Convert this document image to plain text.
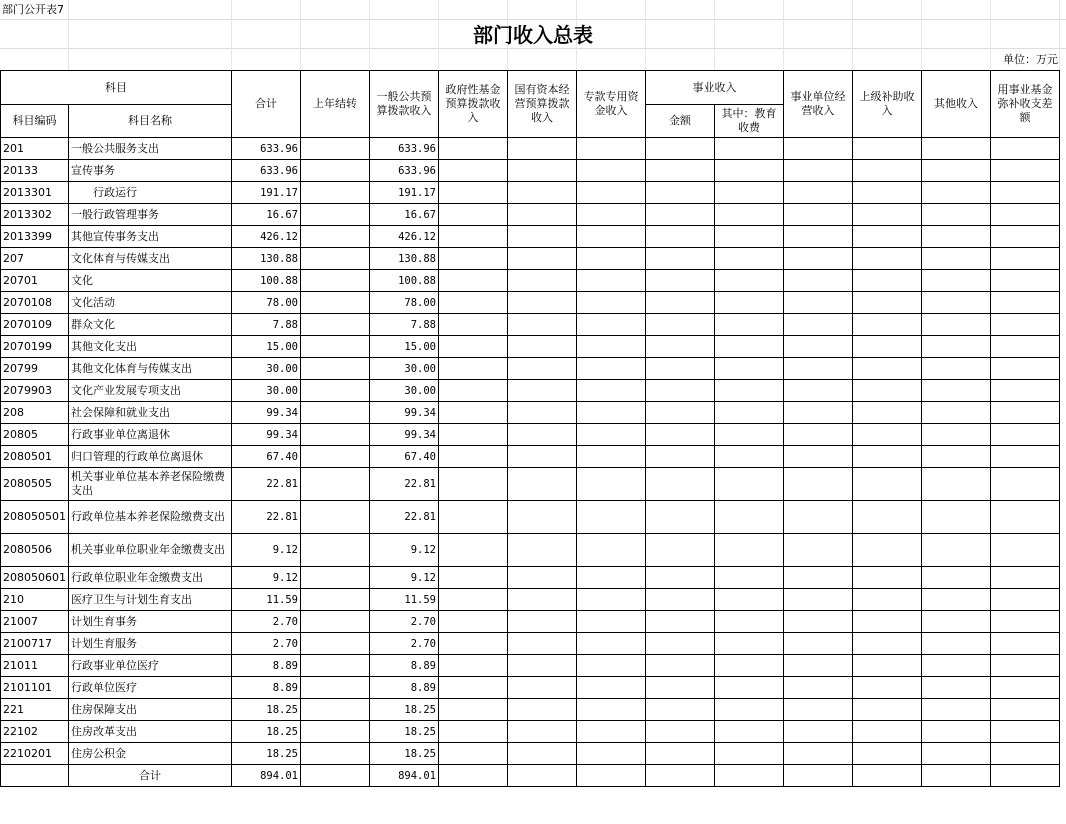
部门公开表7
部门收入总表
单位：万元
科目		合计	上年结转	一般公共预算拨款收入	政府性基金预算拨款收入	国有资本经营预算拨款收入	专款专用资金收入	事业收入		事业单位经营收入	上级补助收入	其他收入	用事业基金弥补收支差额
科目编码	科目名称							金额	其中：教育收费				
201	一般公共服务支出	633.96		633.96									
20133	宣传事务	633.96		633.96									
2013301	行政运行	191.17		191.17									
2013302	一般行政管理事务	16.67		16.67									
2013399	其他宣传事务支出	426.12		426.12									
207	文化体育与传媒支出	130.88		130.88									
20701	文化	100.88		100.88									
2070108	文化活动	78.00		78.00									
2070109	群众文化	7.88		7.88									
2070199	其他文化支出	15.00		15.00									
20799	其他文化体育与传媒支出	30.00		30.00									
2079903	文化产业发展专项支出	30.00		30.00									
208	社会保障和就业支出	99.34		99.34									
20805	行政事业单位离退休	99.34		99.34									
2080501	归口管理的行政单位离退休	67.40		67.40									
2080505	机关事业单位基本养老保险缴费支出	22.81		22.81									
208050501	行政单位基本养老保险缴费支出	22.81		22.81									
2080506	机关事业单位职业年金缴费支出	9.12		9.12									
208050601	行政单位职业年金缴费支出	9.12		9.12									
210	医疗卫生与计划生育支出	11.59		11.59									
21007	计划生育事务	2.70		2.70									
2100717	计划生育服务	2.70		2.70									
21011	行政事业单位医疗	8.89		8.89									
2101101	行政单位医疗	8.89		8.89									
221	住房保障支出	18.25		18.25									
22102	住房改革支出	18.25		18.25									
2210201	住房公积金	18.25		18.25									
	合计	894.01		894.01									
